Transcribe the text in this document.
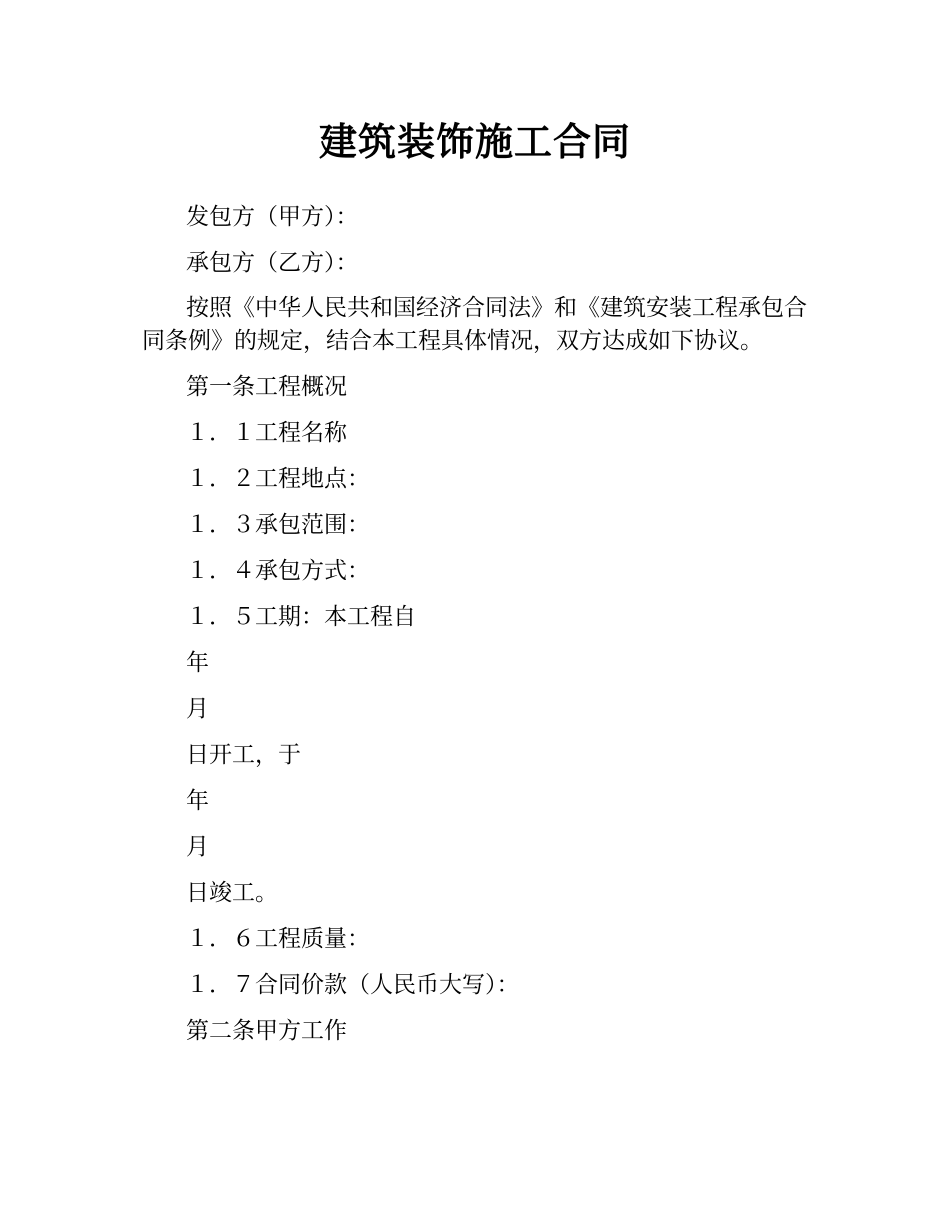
建筑装饰施工合同

发包方（甲方）：

承包方（乙方）：

按照《中华人民共和国经济合同法》和《建筑安装工程承包合同条例》的规定，结合本工程具体情况，双方达成如下协议。

第一条工程概况

１．１工程名称

１．２工程地点：

１．３承包范围：

１．４承包方式：

１．５工期：本工程自

年

月

日开工，于

年

月

日竣工。

１．６工程质量：

１．７合同价款（人民币大写）：

第二条甲方工作
